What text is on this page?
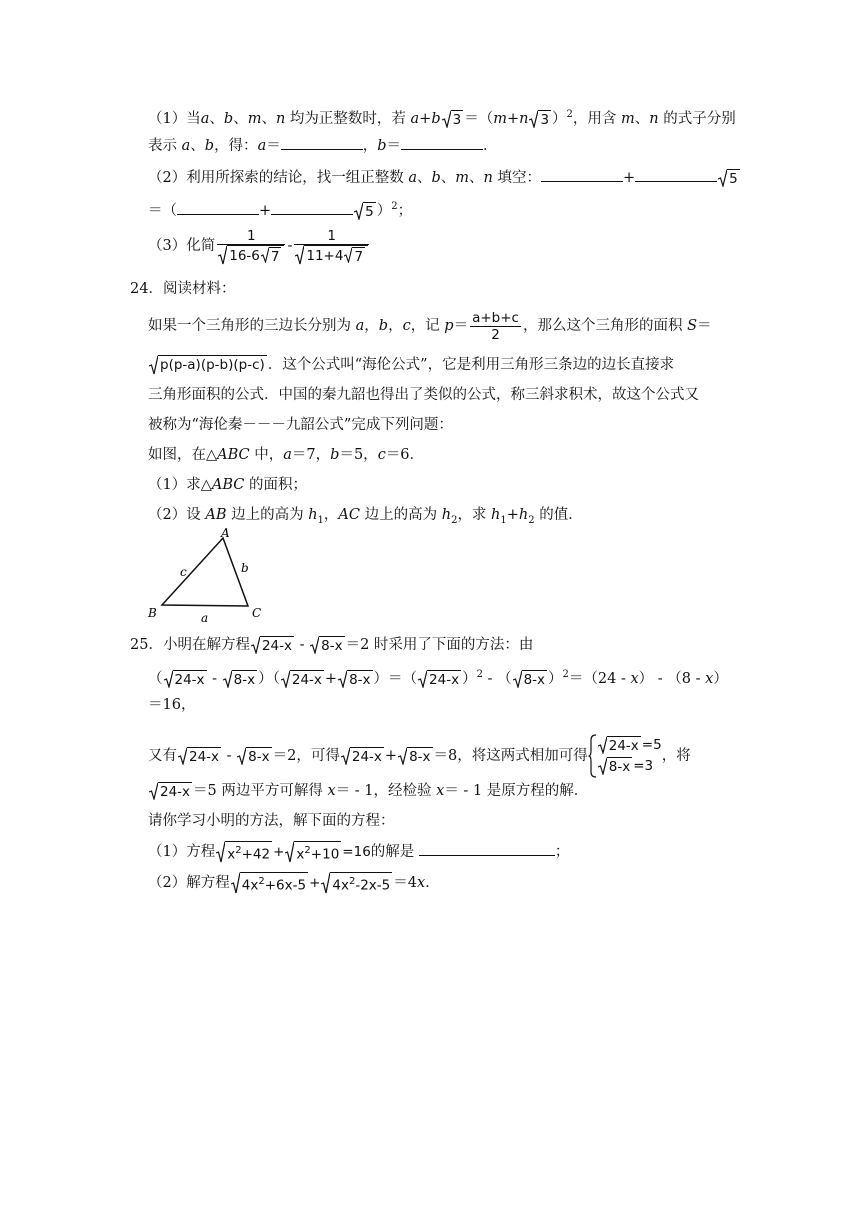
（1）当a、b、m、n 均为正整数时，若 a+b 3 ＝（m+n 3 ）$^2$，用含 m、n 的式子分别
表示 a、b，得：a＝	，b＝	．
（2）利用所探索的结论，找一组正整数 a、b、m、n 填空：	+	5
＝（	+	5 ）$^2$；
（3）化简 $\frac{1}{16-6 7} - \frac{1}{11+4 7}$
24．阅读材料：
如果一个三角形的三边长分别为 a，b，c，记 $p= \frac{a+b+c}{2}$ ，那么这个三角形的面积 S＝
p(p-a)(p-b)(p-c) ．这个公式叫“海伦公式”，它是利用三角形三条边的边长直接求
三角形面积的公式．中国的秦九韶也得出了类似的公式，称三斜求积术，故这个公式又
被称为“海伦秦－－－九韶公式”完成下列问题：
如图，在△ABC 中，a＝7，b＝5，c＝6．
（1）求△ABC 的面积；
（2）设 AB 边上的高为 $h_1$，AC 边上的高为 $h_2$，求 $h_1+h_2$ 的值．
A
B	C
a
b
c
25．小明在解方程 24-x - 8-x ＝2 时采用了下面的方法：由
（ 24-x - 8-x ）（ 24-x + 8-x ）＝（ 24-x ）$^2$ - （ 8-x ）$^2$＝（24 - x） - （8 - x）
＝16，
又有 24-x - 8-x ＝2，可得 24-x + 8-x ＝8，将这两式相加可得
24-x =5
8-x =3
，将
24-x ＝5 两边平方可解得 x＝ - 1，经检验 x＝ - 1 是原方程的解．
请你学习小明的方法，解下面的方程：
（1）方程 $x^2+42 + x^2+10 =16$的解是	；
（2）解方程 $4x^2+6x-5 + 4x^2-2x-5 =4x$．
